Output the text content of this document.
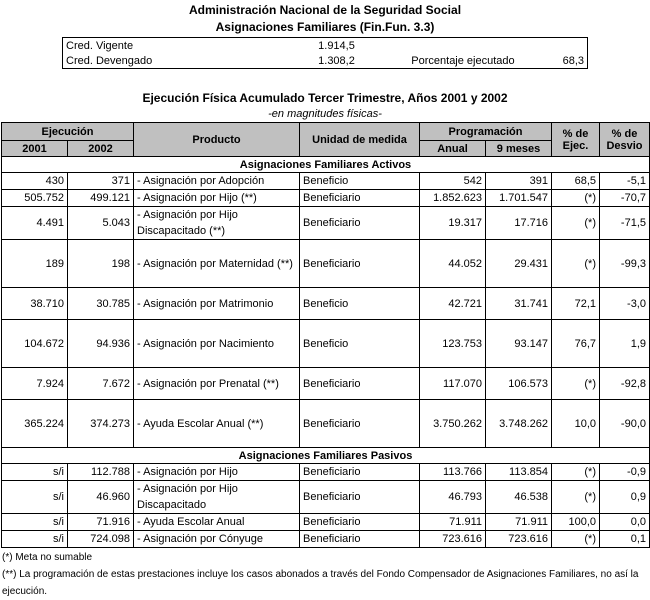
Administración Nacional de la Seguridad Social
Asignaciones Familiares (Fin.Fun. 3.3)
Cred. Vigente	1.914,5		
Cred. Devengado	1.308,2	Porcentaje ejecutado	68,3
Ejecución Física Acumulado Tercer Trimestre, Años 2001 y 2002
-en magnitudes físicas-
Ejecución		Producto	Unidad de medida	Programación		% de Ejec.	% de Desvio
2001	2002			Anual	9 meses		
Asignaciones Familiares Activos							
430	371	- Asignación por Adopción	Beneficio	542	391	68,5	-5,1
505.752	499.121	- Asignación por Hijo (**)	Beneficiario	1.852.623	1.701.547	(*)	-70,7
4.491	5.043	- Asignación por Hijo Discapacitado (**)	Beneficiario	19.317	17.716	(*)	-71,5
189	198	- Asignación por Maternidad (**)	Beneficiario	44.052	29.431	(*)	-99,3
38.710	30.785	- Asignación por Matrimonio	Beneficio	42.721	31.741	72,1	-3,0
104.672	94.936	- Asignación por Nacimiento	Beneficio	123.753	93.147	76,7	1,9
7.924	7.672	- Asignación por Prenatal (**)	Beneficiario	117.070	106.573	(*)	-92,8
365.224	374.273	- Ayuda Escolar Anual (**)	Beneficiario	3.750.262	3.748.262	10,0	-90,0
Asignaciones Familiares Pasivos							
s/i	112.788	- Asignación por Hijo	Beneficiario	113.766	113.854	(*)	-0,9
s/i	46.960	- Asignación por Hijo Discapacitado	Beneficiario	46.793	46.538	(*)	0,9
s/i	71.916	- Ayuda Escolar Anual	Beneficiario	71.911	71.911	100,0	0,0
s/i	724.098	- Asignación por Cónyuge	Beneficiario	723.616	723.616	(*)	0,1
(*) Meta no sumable
(**) La programación de estas prestaciones incluye los casos abonados a través del Fondo Compensador de Asignaciones Familiares, no así la ejecución.
